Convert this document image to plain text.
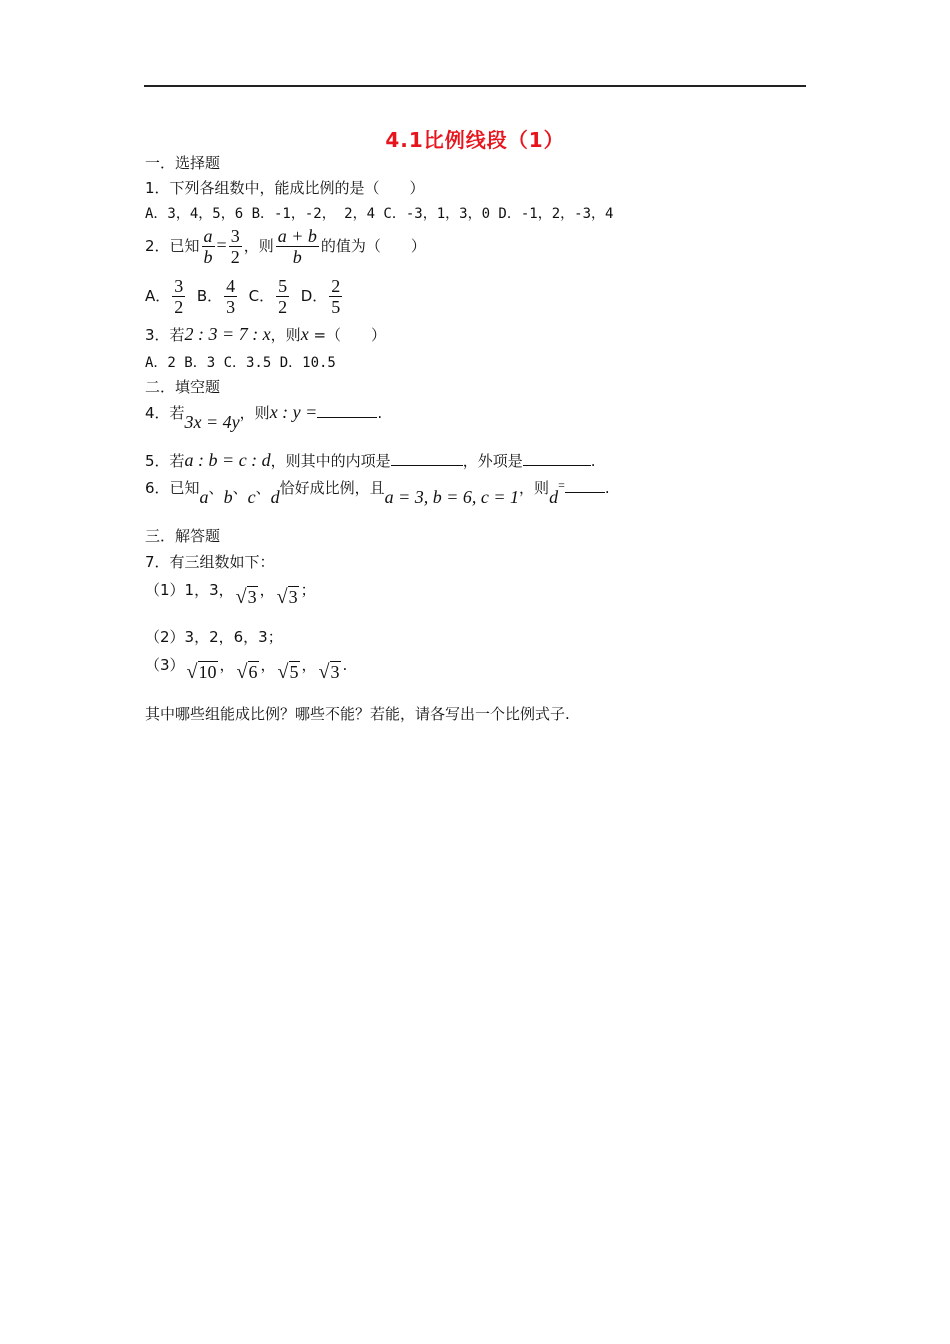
4.1比例线段（1）
一．选择题
1．下列各组数中，能成比例的是（　　）
A．3，4，5，6 B．-1，-2， 2，4 C．-3，1，3，0 D．-1，2，-3，4
2．已知 $\frac{a}{b} = \frac{3}{2}$ ，则 $\frac{a + b}{b}$ 的值为（　　）
A． $\frac{3}{2}$ B． $\frac{4}{3}$ C． $\frac{5}{2}$ D． $\frac{2}{5}$
3．若2 : 3 = 7 : x，则x =（　　）
A．2 B．3 C．3.5 D．10.5
二．填空题
4．若3x = 4y，则x : y =	.
5．若a : b = c : d，则其中的内项是	，外项是	.
6．已知a、b、c、d恰好成比例，且a = 3, b = 6, c = 1，则d=	.
三．解答题
7．有三组数如下：
（1）1，3， √3 ， √3 ；
（2）3，2，6，3；
（3） √10 ， √6 ， √5 ， √3 .
其中哪些组能成比例？哪些不能？若能，请各写出一个比例式子.
